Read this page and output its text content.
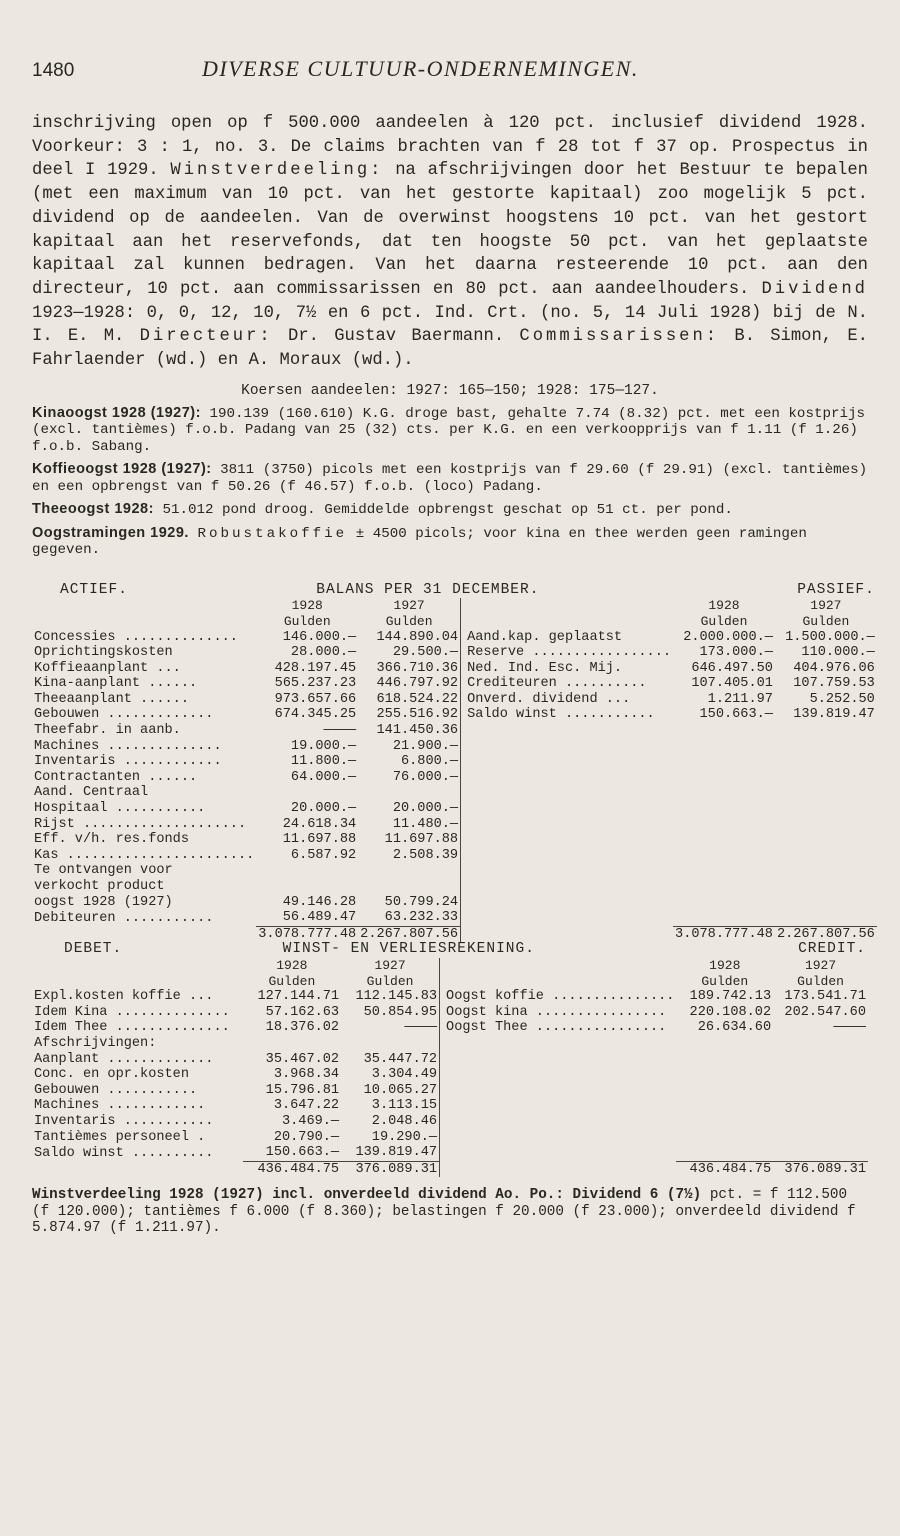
1480	DIVERSE CULTUUR-ONDERNEMINGEN.

inschrijving open op f 500.000 aandeelen à 120 pct. inclusief dividend 1928. Voorkeur: 3 : 1, no. 3. De claims brachten van f 28 tot f 37 op. Prospectus in deel I 1929. Winstverdeeling: na afschrijvingen door het Bestuur te bepalen (met een maximum van 10 pct. van het gestorte kapitaal) zoo mogelijk 5 pct. dividend op de aandeelen. Van de overwinst hoogstens 10 pct. van het gestort kapitaal aan het reservefonds, dat ten hoogste 50 pct. van het geplaatste kapitaal zal kunnen bedragen. Van het daarna resteerende 10 pct. aan den directeur, 10 pct. aan commissarissen en 80 pct. aan aandeelhouders. Dividend 1923—1928: 0, 0, 12, 10, 7½ en 6 pct. Ind. Crt. (no. 5, 14 Juli 1928) bij de N. I. E. M. Directeur: Dr. Gustav Baermann. Commissarissen: B. Simon, E. Fahrlaender (wd.) en A. Moraux (wd.).

Koersen aandeelen: 1927: 165—150; 1928: 175—127.

Kinaoogst 1928 (1927): 190.139 (160.610) K.G. droge bast, gehalte 7.74 (8.32) pct. met een kostprijs (excl. tantièmes) f.o.b. Padang van 25 (32) cts. per K.G. en een verkoopprijs van f 1.11 (f 1.26) f.o.b. Sabang.

Koffieoogst 1928 (1927): 3811 (3750) picols met een kostprijs van f 29.60 (f 29.91) (excl. tantièmes) en een opbrengst van f 50.26 (f 46.57) f.o.b. (loco) Padang.

Theeoogst 1928: 51.012 pond droog. Gemiddelde opbrengst geschat op 51 ct. per pond.

Oogstramingen 1929. Robustakoffie ± 4500 picols; voor kina en thee werden geen ramingen gegeven.

ACTIEF.	BALANS PER 31 DECEMBER.			PASSIEF.	
	1928	1927		1928	1927
	Gulden	Gulden		Gulden	Gulden
Concessies ..............	146.000.—	144.890.04	Aand.kap. geplaatst	2.000.000.—	1.500.000.—
Oprichtingskosten	28.000.—	29.500.—	Reserve .................	173.000.—	110.000.—
Koffieaanplant ...	428.197.45	366.710.36	Ned. Ind. Esc. Mij.	646.497.50	404.976.06
Kina-aanplant ......	565.237.23	446.797.92	Crediteuren ..........	107.405.01	107.759.53
Theeaanplant ......	973.657.66	618.524.22	Onverd. dividend ...	1.211.97	5.252.50
Gebouwen .............	674.345.25	255.516.92	Saldo winst ...........	150.663.—	139.819.47
Theefabr. in aanb.	————	141.450.36			
Machines ..............	19.000.—	21.900.—			
Inventaris ............	11.800.—	6.800.—			
Contractanten ......	64.000.—	76.000.—			
Aand. Centraal					
Hospitaal ...........	20.000.—	20.000.—			
Rijst ....................	24.618.34	11.480.—			
Eff. v/h. res.fonds	11.697.88	11.697.88			
Kas .......................	6.587.92	2.508.39			
Te ontvangen voor					
verkocht product					
oogst 1928 (1927)	49.146.28	50.799.24			
Debiteuren ...........	56.489.47	63.232.33			
	3.078.777.48	2.267.807.56		3.078.777.48	2.267.807.56
DEBET.	WINST- EN VERLIESREKENING.			CREDIT.	
	1928	1927		1928	1927
	Gulden	Gulden		Gulden	Gulden
Expl.kosten koffie ...	127.144.71	112.145.83	Oogst koffie ...............	189.742.13	173.541.71
Idem Kina ..............	57.162.63	50.854.95	Oogst kina ................	220.108.02	202.547.60
Idem Thee ..............	18.376.02	————	Oogst Thee ................	26.634.60	————
Afschrijvingen:					
Aanplant .............	35.467.02	35.447.72			
Conc. en opr.kosten	3.968.34	3.304.49			
Gebouwen ...........	15.796.81	10.065.27			
Machines ............	3.647.22	3.113.15			
Inventaris ...........	3.469.—	2.048.46			
Tantièmes personeel .	20.790.—	19.290.—			
Saldo winst ..........	150.663.—	139.819.47			
	436.484.75	376.089.31		436.484.75	376.089.31
Winstverdeeling 1928 (1927) incl. onverdeeld dividend Ao. Po.: Dividend 6 (7½) pct. = f 112.500 (f 120.000); tantièmes f 6.000 (f 8.360); belastingen f 20.000 (f 23.000); onverdeeld dividend f 5.874.97 (f 1.211.97).
